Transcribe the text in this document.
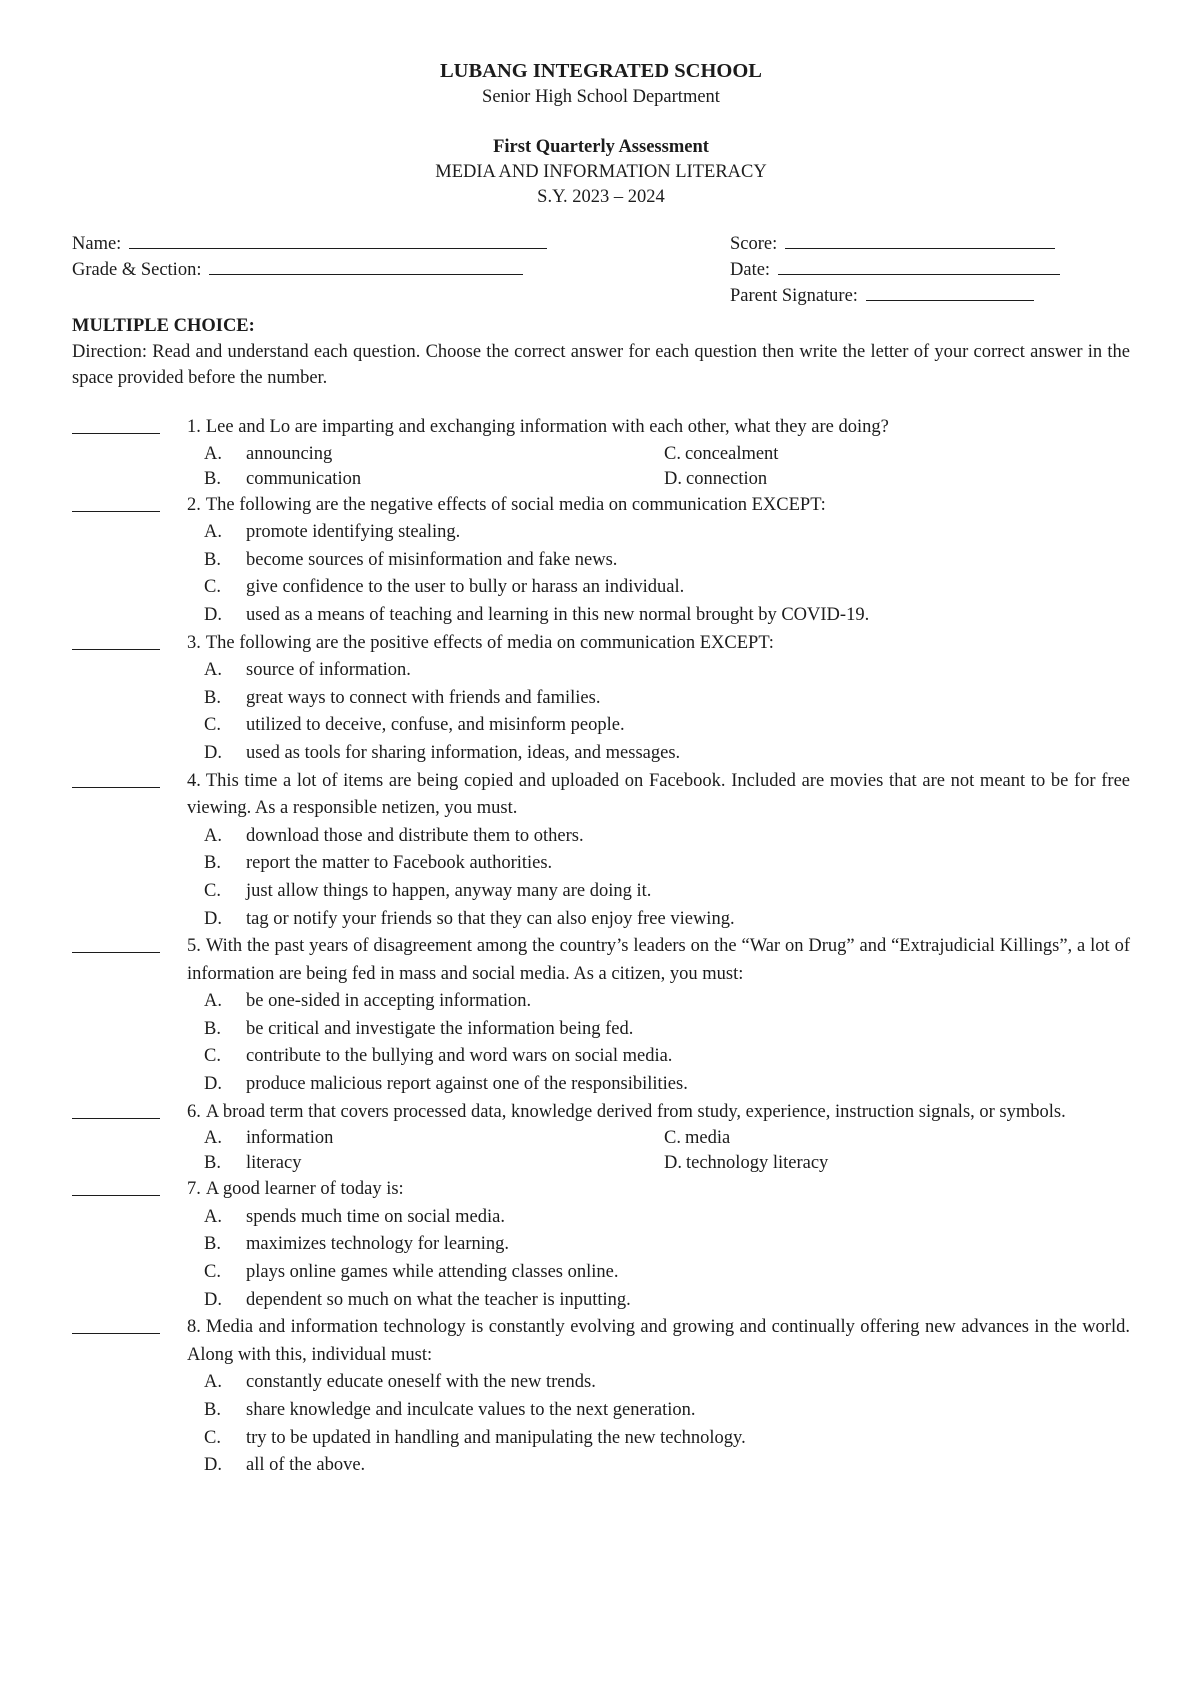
LUBANG INTEGRATED SCHOOL
Senior High School Department
First Quarterly Assessment
MEDIA AND INFORMATION LITERACY
S.Y. 2023 – 2024
Name:
Grade & Section:
Score:
Date:
Parent Signature:
MULTIPLE CHOICE:
Direction: Read and understand each question. Choose the correct answer for each question then write the letter of your correct answer in the space provided before the number.
1. Lee and Lo are imparting and exchanging information with each other, what they are doing?
A.	announcing	C. concealment
B.	communication	D. connection
2. The following are the negative effects of social media on communication EXCEPT:
A.	promote identifying stealing.
B.	become sources of misinformation and fake news.
C.	give confidence to the user to bully or harass an individual.
D.	used as a means of teaching and learning in this new normal brought by COVID-19.
3. The following are the positive effects of media on communication EXCEPT:
A.	source of information.
B.	great ways to connect with friends and families.
C.	utilized to deceive, confuse, and misinform people.
D.	used as tools for sharing information, ideas, and messages.
4. This time a lot of items are being copied and uploaded on Facebook. Included are movies that are not meant to be for free viewing. As a responsible netizen, you must.
A.	download those and distribute them to others.
B.	report the matter to Facebook authorities.
C.	just allow things to happen, anyway many are doing it.
D.	tag or notify your friends so that they can also enjoy free viewing.
5. With the past years of disagreement among the country’s leaders on the “War on Drug” and “Extrajudicial Killings”, a lot of information are being fed in mass and social media. As a citizen, you must:
A.	be one-sided in accepting information.
B.	be critical and investigate the information being fed.
C.	contribute to the bullying and word wars on social media.
D.	produce malicious report against one of the responsibilities.
6. A broad term that covers processed data, knowledge derived from study, experience, instruction signals, or symbols.
A.	information	C. media
B.	literacy	D. technology literacy
7. A good learner of today is:
A.	spends much time on social media.
B.	maximizes technology for learning.
C.	plays online games while attending classes online.
D.	dependent so much on what the teacher is inputting.
8. Media and information technology is constantly evolving and growing and continually offering new advances in the world. Along with this, individual must:
A.	constantly educate oneself with the new trends.
B.	share knowledge and inculcate values to the next generation.
C.	try to be updated in handling and manipulating the new technology.
D.	all of the above.
